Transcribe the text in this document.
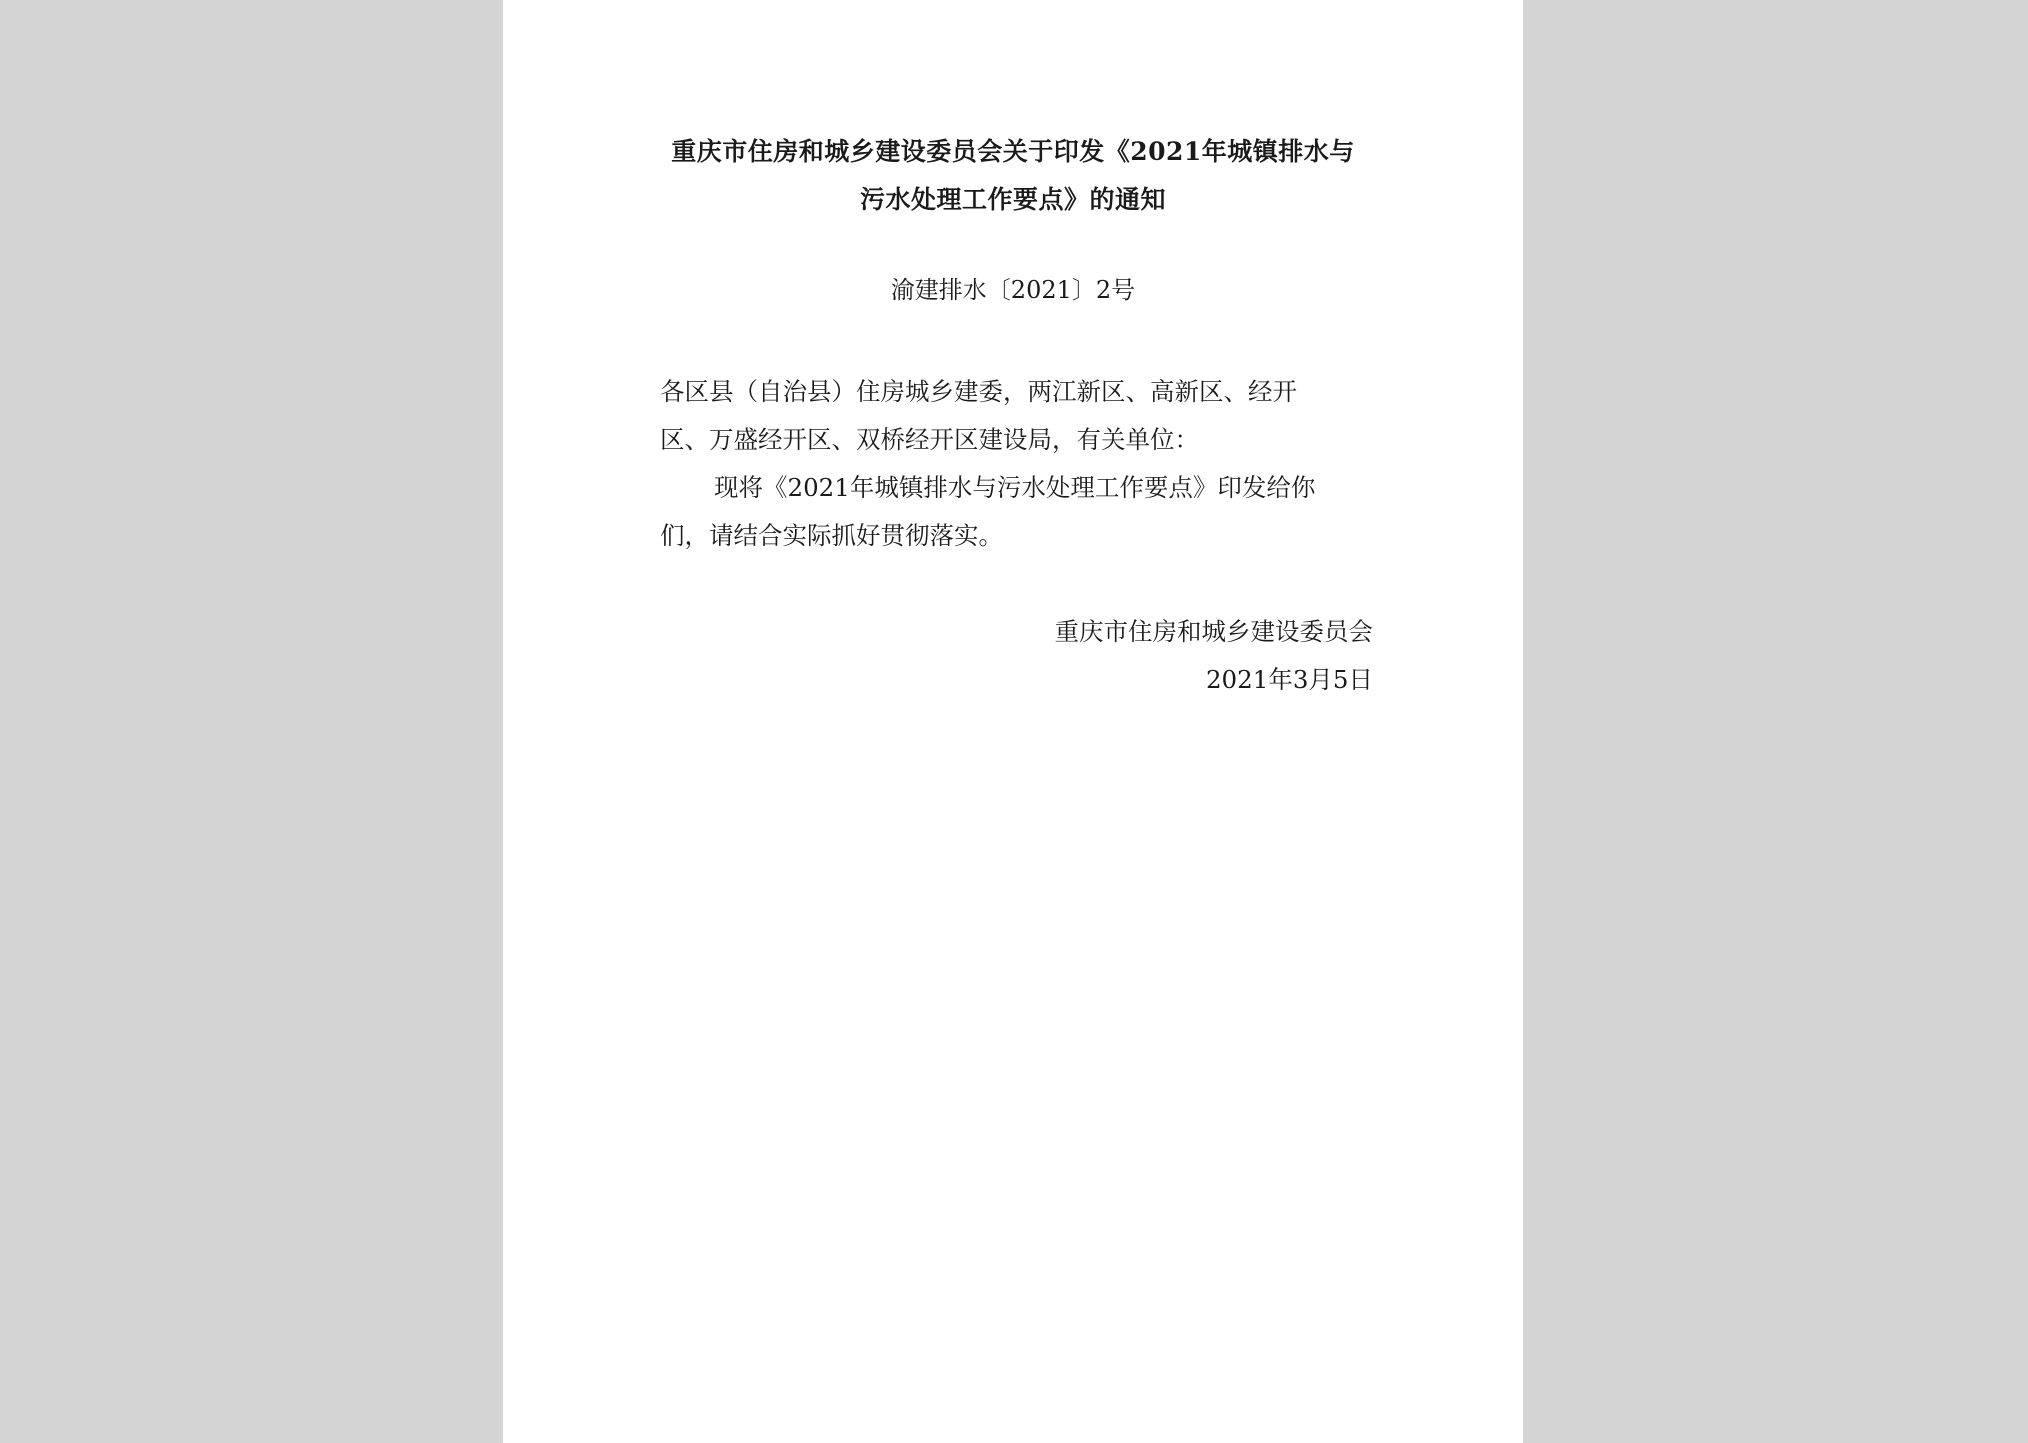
重庆市住房和城乡建设委员会关于印发《2021年城镇排水与
污水处理工作要点》的通知
渝建排水〔2021〕2号
各区县（自治县）住房城乡建委，两江新区、高新区、经开
区、万盛经开区、双桥经开区建设局，有关单位：
现将《2021年城镇排水与污水处理工作要点》印发给你
们，请结合实际抓好贯彻落实。
重庆市住房和城乡建设委员会
2021年3月5日
